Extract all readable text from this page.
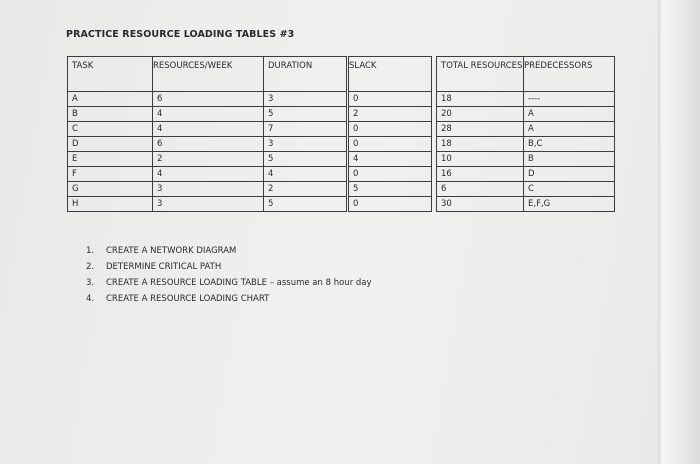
PRACTICE RESOURCE LOADING TABLES #3
TASK	RESOURCES/WEEK	DURATION		SLACK		TOTAL RESOURCES	PREDECESSORS
A	6	3		0		18	----
B	4	5		2		20	A
C	4	7		0		28	A
D	6	3		0		18	B,C
E	2	5		4		10	B
F	4	4		0		16	D
G	3	2		5		6	C
H	3	5		0		30	E,F,G
1.	CREATE A NETWORK DIAGRAM
2.	DETERMINE CRITICAL PATH
3.	CREATE A RESOURCE LOADING TABLE – assume an 8 hour day
4.	CREATE A RESOURCE LOADING CHART
